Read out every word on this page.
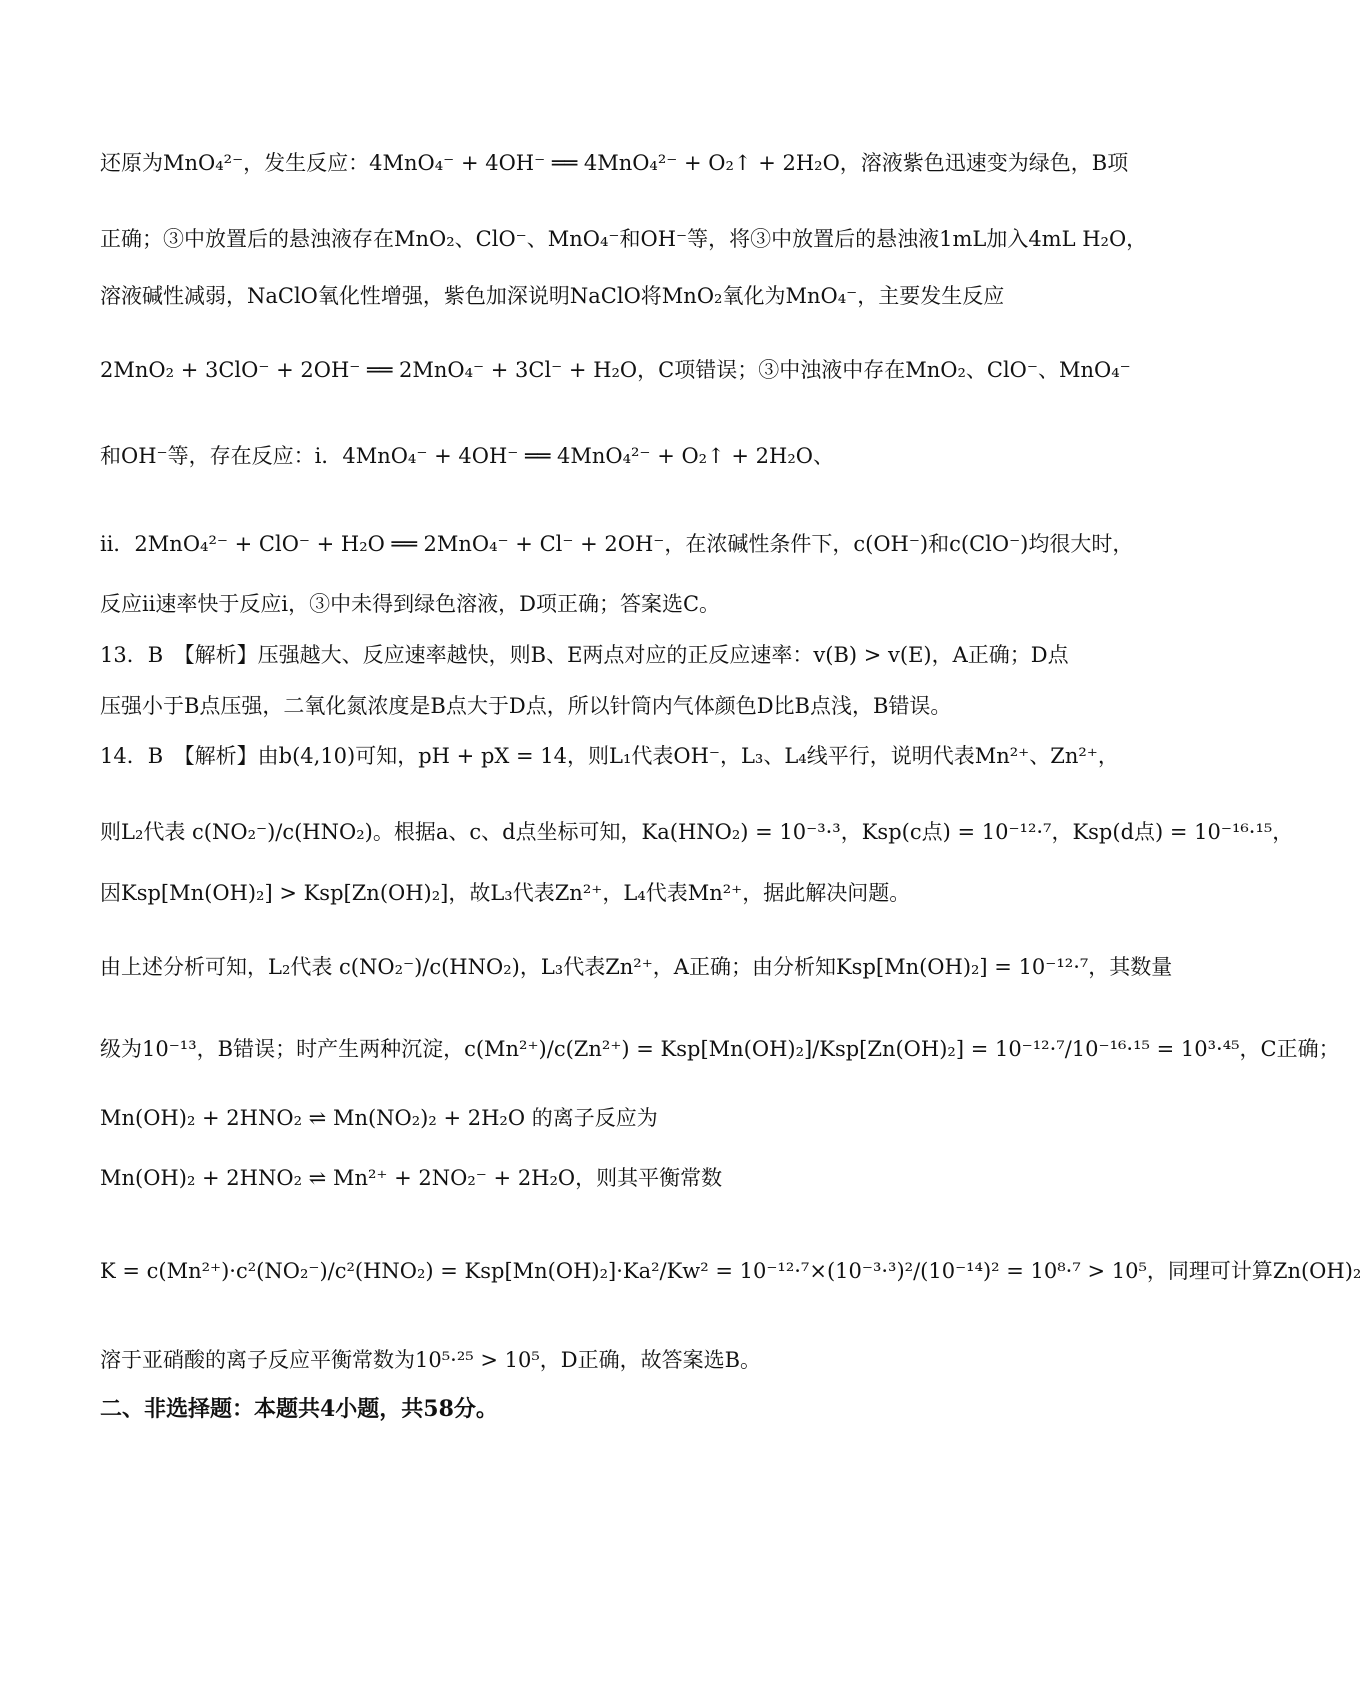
还原为MnO₄²⁻，发生反应：4MnO₄⁻ + 4OH⁻ ══ 4MnO₄²⁻ + O₂↑ + 2H₂O，溶液紫色迅速变为绿色，B项
正确；③中放置后的悬浊液存在MnO₂、ClO⁻、MnO₄⁻和OH⁻等，将③中放置后的悬浊液1mL加入4mL H₂O，
溶液碱性减弱，NaClO氧化性增强，紫色加深说明NaClO将MnO₂氧化为MnO₄⁻，主要发生反应
2MnO₂ + 3ClO⁻ + 2OH⁻ ══ 2MnO₄⁻ + 3Cl⁻ + H₂O，C项错误；③中浊液中存在MnO₂、ClO⁻、MnO₄⁻
和OH⁻等，存在反应：ⅰ．4MnO₄⁻ + 4OH⁻ ══ 4MnO₄²⁻ + O₂↑ + 2H₂O、
ⅱ．2MnO₄²⁻ + ClO⁻ + H₂O ══ 2MnO₄⁻ + Cl⁻ + 2OH⁻，在浓碱性条件下，c(OH⁻)和c(ClO⁻)均很大时，
反应ⅱ速率快于反应ⅰ，③中未得到绿色溶液，D项正确；答案选C。
13．B　【解析】压强越大、反应速率越快，则B、E两点对应的正反应速率：v(B) > v(E)，A正确；D点
压强小于B点压强，二氧化氮浓度是B点大于D点，所以针筒内气体颜色D比B点浅，B错误。
14．B　【解析】由b(4,10)可知，pH + pX = 14，则L₁代表OH⁻，L₃、L₄线平行，说明代表Mn²⁺、Zn²⁺，
则L₂代表 c(NO₂⁻)/c(HNO₂)。根据a、c、d点坐标可知，Ka(HNO₂) = 10⁻³·³，Ksp(c点) = 10⁻¹²·⁷，Ksp(d点) = 10⁻¹⁶·¹⁵，
因Ksp[Mn(OH)₂] > Ksp[Zn(OH)₂]，故L₃代表Zn²⁺，L₄代表Mn²⁺，据此解决问题。
由上述分析可知，L₂代表 c(NO₂⁻)/c(HNO₂)，L₃代表Zn²⁺，A正确；由分析知Ksp[Mn(OH)₂] = 10⁻¹²·⁷，其数量
级为10⁻¹³，B错误；时产生两种沉淀，c(Mn²⁺)/c(Zn²⁺) = Ksp[Mn(OH)₂]/Ksp[Zn(OH)₂] = 10⁻¹²·⁷/10⁻¹⁶·¹⁵ = 10³·⁴⁵，C正确；
Mn(OH)₂ + 2HNO₂ ⇌ Mn(NO₂)₂ + 2H₂O 的离子反应为
Mn(OH)₂ + 2HNO₂ ⇌ Mn²⁺ + 2NO₂⁻ + 2H₂O，则其平衡常数
K = c(Mn²⁺)·c²(NO₂⁻)/c²(HNO₂) = Ksp[Mn(OH)₂]·Ka²/Kw² = 10⁻¹²·⁷×(10⁻³·³)²/(10⁻¹⁴)² = 10⁸·⁷ > 10⁵，同理可计算Zn(OH)₂
溶于亚硝酸的离子反应平衡常数为10⁵·²⁵ > 10⁵，D正确，故答案选B。
二、非选择题：本题共4小题，共58分。
